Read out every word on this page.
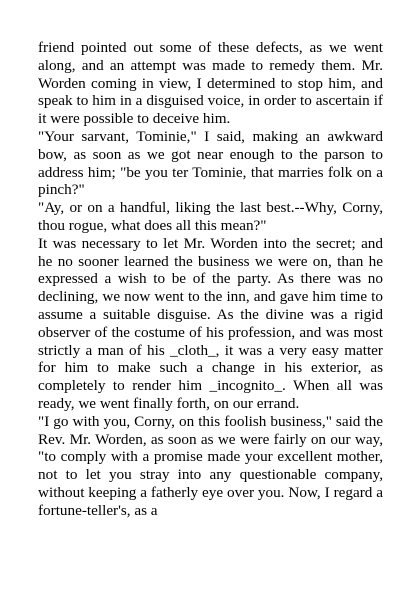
friend pointed out some of these defects, as we went along, and an attempt was made to remedy them. Mr. Worden coming in view, I determined to stop him, and speak to him in a disguised voice, in order to ascertain if it were possible to deceive him.

"Your sarvant, Tominie," I said, making an awkward bow, as soon as we got near enough to the parson to address him; "be you ter Tominie, that marries folk on a pinch?"

"Ay, or on a handful, liking the last best.--Why, Corny, thou rogue, what does all this mean?"

It was necessary to let Mr. Worden into the secret; and he no sooner learned the business we were on, than he expressed a wish to be of the party. As there was no declining, we now went to the inn, and gave him time to assume a suitable disguise. As the divine was a rigid observer of the costume of his profession, and was most strictly a man of his _cloth_, it was a very easy matter for him to make such a change in his exterior, as completely to render him _incognito_. When all was ready, we went finally forth, on our errand.

"I go with you, Corny, on this foolish business," said the Rev. Mr. Worden, as soon as we were fairly on our way, "to comply with a promise made your excellent mother, not to let you stray into any questionable company, without keeping a fatherly eye over you. Now, I regard a fortune-teller's, as a
